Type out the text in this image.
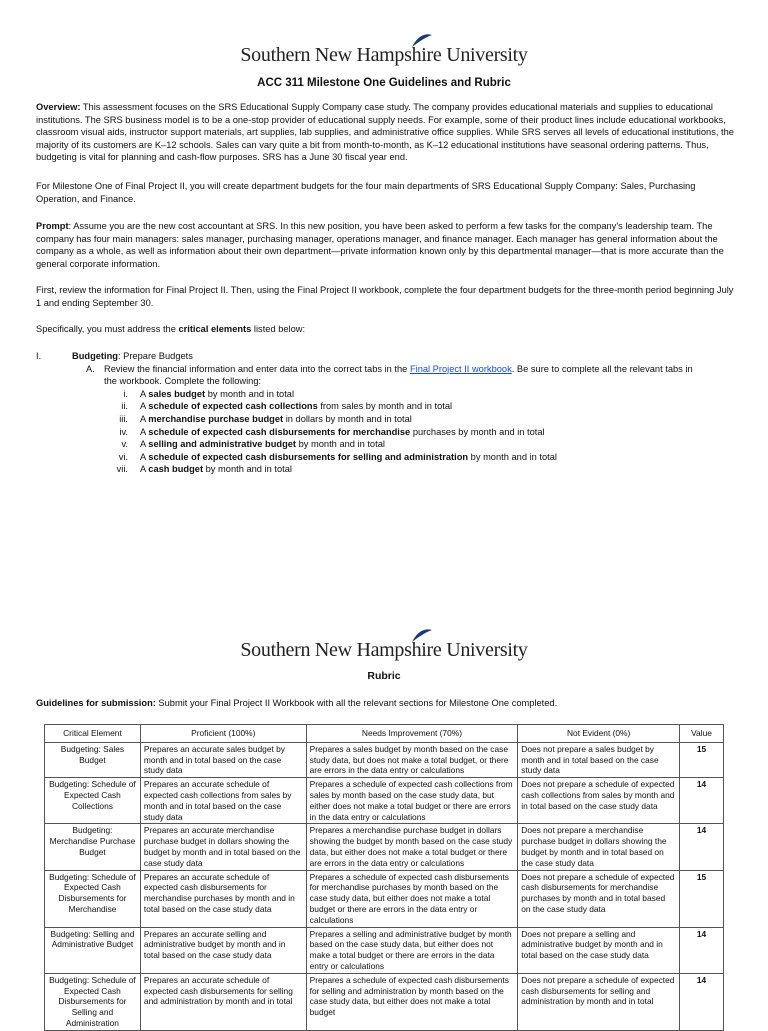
Southern New Hampshire University
ACC 311 Milestone One Guidelines and Rubric
Overview: This assessment focuses on the SRS Educational Supply Company case study. The company provides educational materials and supplies to educational institutions. The SRS business model is to be a one-stop provider of educational supply needs. For example, some of their product lines include educational workbooks, classroom visual aids, instructor support materials, art supplies, lab supplies, and administrative office supplies. While SRS serves all levels of educational institutions, the majority of its customers are K–12 schools. Sales can vary quite a bit from month-to-month, as K–12 educational institutions have seasonal ordering patterns. Thus, budgeting is vital for planning and cash-flow purposes. SRS has a June 30 fiscal year end.
For Milestone One of Final Project II, you will create department budgets for the four main departments of SRS Educational Supply Company: Sales, Purchasing Operation, and Finance.
Prompt: Assume you are the new cost accountant at SRS. In this new position, you have been asked to perform a few tasks for the company's leadership team. The company has four main managers: sales manager, purchasing manager, operations manager, and finance manager. Each manager has general information about the company as a whole, as well as information about their own department—private information known only by this departmental manager—that is more accurate than the general corporate information.
First, review the information for Final Project II. Then, using the Final Project II workbook, complete the four department budgets for the three-month period beginning July 1 and ending September 30.
Specifically, you must address the critical elements listed below:
I.	Budgeting: Prepare Budgets
A. Review the financial information and enter data into the correct tabs in the Final Project II workbook. Be sure to complete all the relevant tabs in
the workbook. Complete the following:
i. A sales budget by month and in total
ii. A schedule of expected cash collections from sales by month and in total
iii. A merchandise purchase budget in dollars by month and in total
iv. A schedule of expected cash disbursements for merchandise purchases by month and in total
v. A selling and administrative budget by month and in total
vi. A schedule of expected cash disbursements for selling and administration by month and in total
vii. A cash budget by month and in total
Southern New Hampshire University
Rubric
Guidelines for submission: Submit your Final Project II Workbook with all the relevant sections for Milestone One completed.
Critical Element	Proficient (100%)	Needs Improvement (70%)	Not Evident (0%)	Value
Budgeting: Sales Budget	Prepares an accurate sales budget by month and in total based on the case study data	Prepares a sales budget by month based on the case study data, but does not make a total budget, or there are errors in the data entry or calculations	Does not prepare a sales budget by month and in total based on the case study data	15
Budgeting: Schedule of Expected Cash Collections	Prepares an accurate schedule of expected cash collections from sales by month and in total based on the case study data	Prepares a schedule of expected cash collections from sales by month based on the case study data, but either does not make a total budget or there are errors in the data entry or calculations	Does not prepare a schedule of expected cash collections from sales by month and in total based on the case study data	14
Budgeting: Merchandise Purchase Budget	Prepares an accurate merchandise purchase budget in dollars showing the budget by month and in total based on the case study data	Prepares a merchandise purchase budget in dollars showing the budget by month based on the case study data, but either does not make a total budget or there are errors in the data entry or calculations	Does not prepare a merchandise purchase budget in dollars showing the budget by month and in total based on the case study data	14
Budgeting: Schedule of Expected Cash Disbursements for Merchandise	Prepares an accurate schedule of expected cash disbursements for merchandise purchases by month and in total based on the case study data	Prepares a schedule of expected cash disbursements for merchandise purchases by month based on the case study data, but either does not make a total budget or there are errors in the data entry or calculations	Does not prepare a schedule of expected cash disbursements for merchandise purchases by month and in total based on the case study data	15
Budgeting: Selling and Administrative Budget	Prepares an accurate selling and administrative budget by month and in total based on the case study data	Prepares a selling and administrative budget by month based on the case study data, but either does not make a total budget or there are errors in the data entry or calculations	Does not prepare a selling and administrative budget by month and in total based on the case study data	14
Budgeting: Schedule of Expected Cash Disbursements for Selling and Administration	Prepares an accurate schedule of expected cash disbursements for selling and administration by month and in total	Prepares a schedule of expected cash disbursements for selling and administration by month based on the case study data, but either does not make a total budget	Does not prepare a schedule of expected cash disbursements for selling and administration by month and in total	14
